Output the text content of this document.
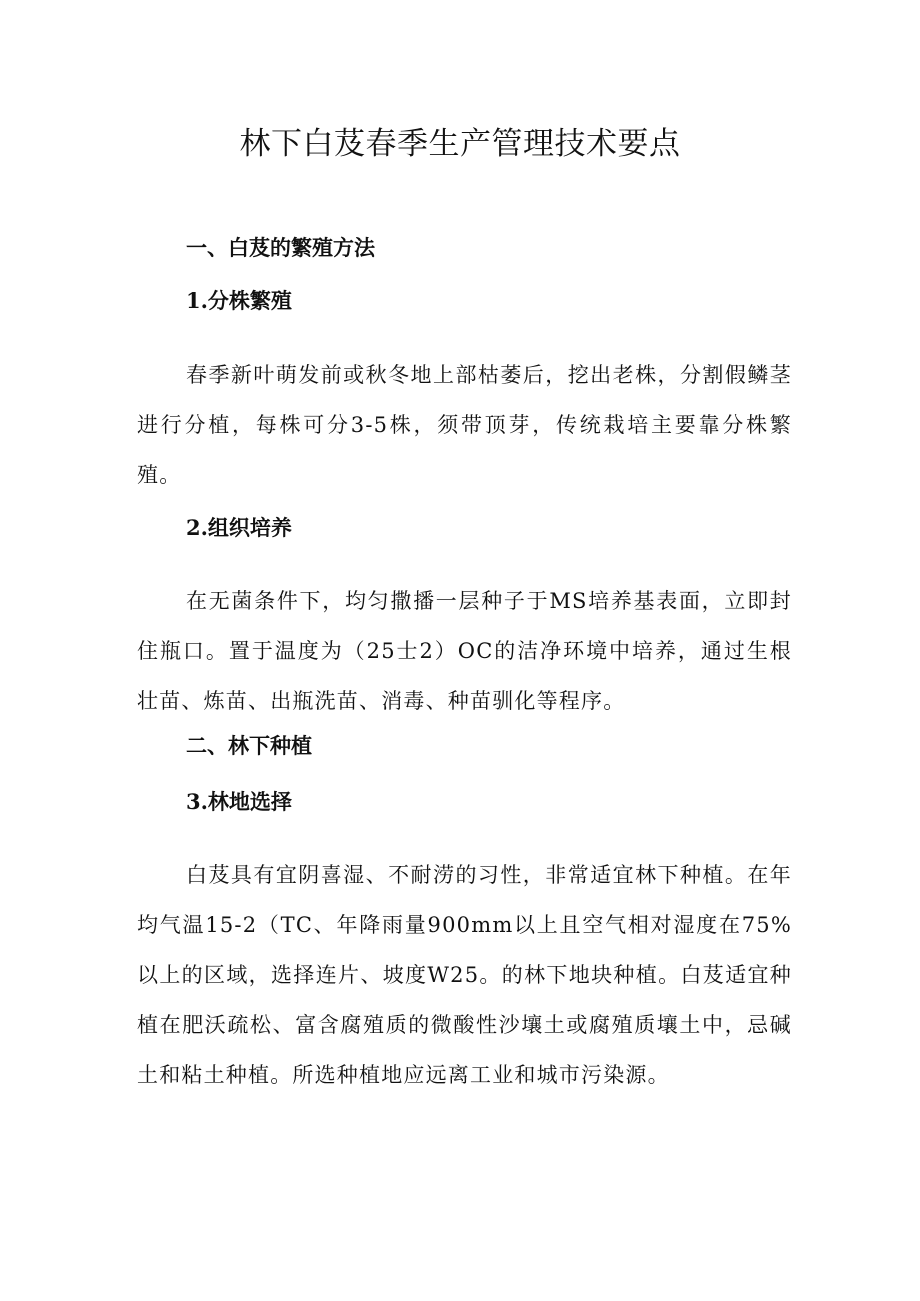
林下白芨春季生产管理技术要点
一、白芨的繁殖方法
1.分株繁殖

春季新叶萌发前或秋冬地上部枯萎后，挖出老株，分割假鳞茎进行分植，每株可分3-5株，须带顶芽，传统栽培主要靠分株繁殖。

2.组织培养

在无菌条件下，均匀撒播一层种子于MS培养基表面，立即封住瓶口。置于温度为（25士2）OC的洁净环境中培养，通过生根壮苗、炼苗、出瓶洗苗、消毒、种苗驯化等程序。

二、林下种植
3.林地选择

白芨具有宜阴喜湿、不耐涝的习性，非常适宜林下种植。在年均气温15-2（TC、年降雨量900mm以上且空气相对湿度在75%以上的区域，选择连片、坡度W25。的林下地块种植。白芨适宜种植在肥沃疏松、富含腐殖质的微酸性沙壤土或腐殖质壤土中，忌碱土和粘土种植。所选种植地应远离工业和城市污染源。
